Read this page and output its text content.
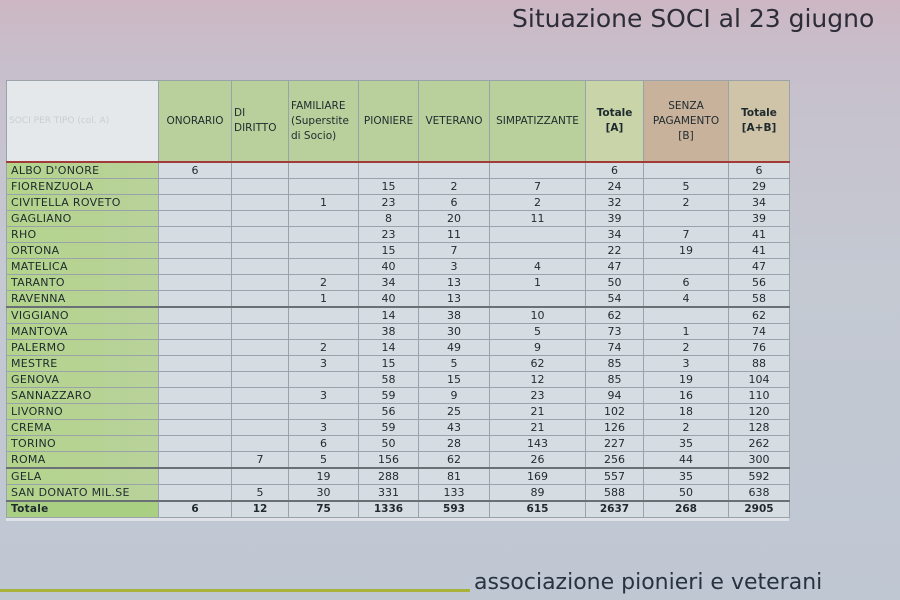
Situazione SOCI al 23 giugno
SOCI PER TIPO (col. A)	ONORARIO	DI DIRITTO	FAMILIARE (Superstite di Socio)	PIONIERE	VETERANO	SIMPATIZZANTE	Totale [A]	SENZA PAGAMENTO [B]	Totale [A+B]
ALBO D'ONORE	6						6		6
FIORENZUOLA				15	2	7	24	5	29
CIVITELLA ROVETO			1	23	6	2	32	2	34
GAGLIANO				8	20	11	39		39
RHO				23	11		34	7	41
ORTONA				15	7		22	19	41
MATELICA				40	3	4	47		47
TARANTO			2	34	13	1	50	6	56
RAVENNA			1	40	13		54	4	58
VIGGIANO				14	38	10	62		62
MANTOVA				38	30	5	73	1	74
PALERMO			2	14	49	9	74	2	76
MESTRE			3	15	5	62	85	3	88
GENOVA				58	15	12	85	19	104
SANNAZZARO			3	59	9	23	94	16	110
LIVORNO				56	25	21	102	18	120
CREMA			3	59	43	21	126	2	128
TORINO			6	50	28	143	227	35	262
ROMA		7	5	156	62	26	256	44	300
GELA			19	288	81	169	557	35	592
SAN DONATO MIL.SE		5	30	331	133	89	588	50	638
Totale	6	12	75	1336	593	615	2637	268	2905
associazione pionieri e veterani
